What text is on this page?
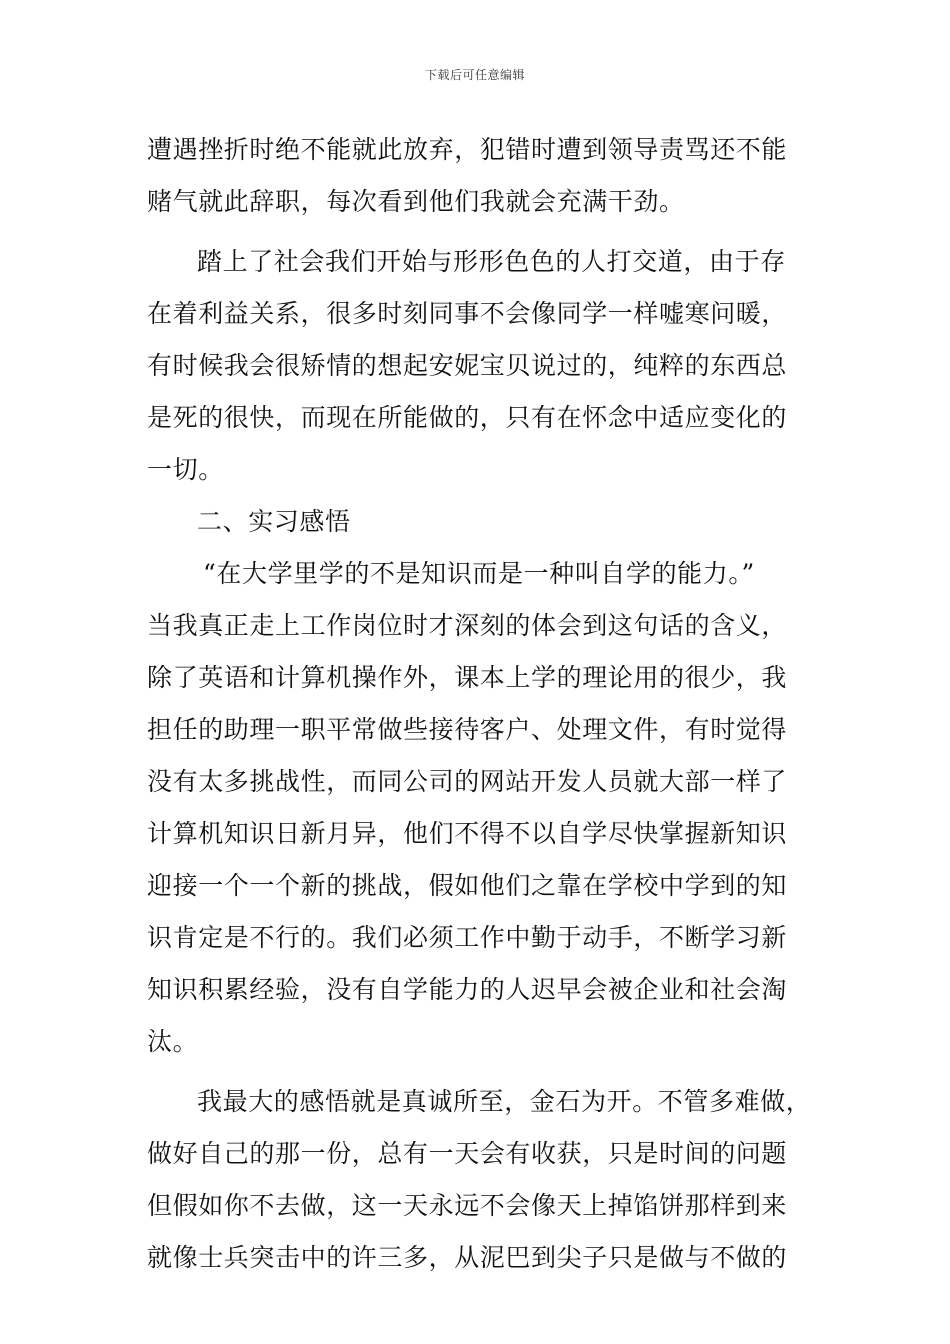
下载后可任意编辑
遭遇挫折时绝不能就此放弃，犯错时遭到领导责骂还不能
赌气就此辞职，每次看到他们我就会充满干劲。
踏上了社会我们开始与形形色色的人打交道，由于存
在着利益关系，很多时刻同事不会像同学一样嘘寒问暖，
有时候我会很矫情的想起安妮宝贝说过的，纯粹的东西总
是死的很快，而现在所能做的，只有在怀念中适应变化的
一切。
二、实习感悟
“在大学里学的不是知识而是一种叫自学的能力。”
当我真正走上工作岗位时才深刻的体会到这句话的含义，
除了英语和计算机操作外，课本上学的理论用的很少，我
担任的助理一职平常做些接待客户、处理文件，有时觉得
没有太多挑战性，而同公司的网站开发人员就大部一样了
计算机知识日新月异，他们不得不以自学尽快掌握新知识
迎接一个一个新的挑战，假如他们之靠在学校中学到的知
识肯定是不行的。我们必须工作中勤于动手，不断学习新
知识积累经验，没有自学能力的人迟早会被企业和社会淘
汰。
我最大的感悟就是真诚所至，金石为开。不管多难做，
做好自己的那一份，总有一天会有收获，只是时间的问题
但假如你不去做，这一天永远不会像天上掉馅饼那样到来
就像士兵突击中的许三多，从泥巴到尖子只是做与不做的
